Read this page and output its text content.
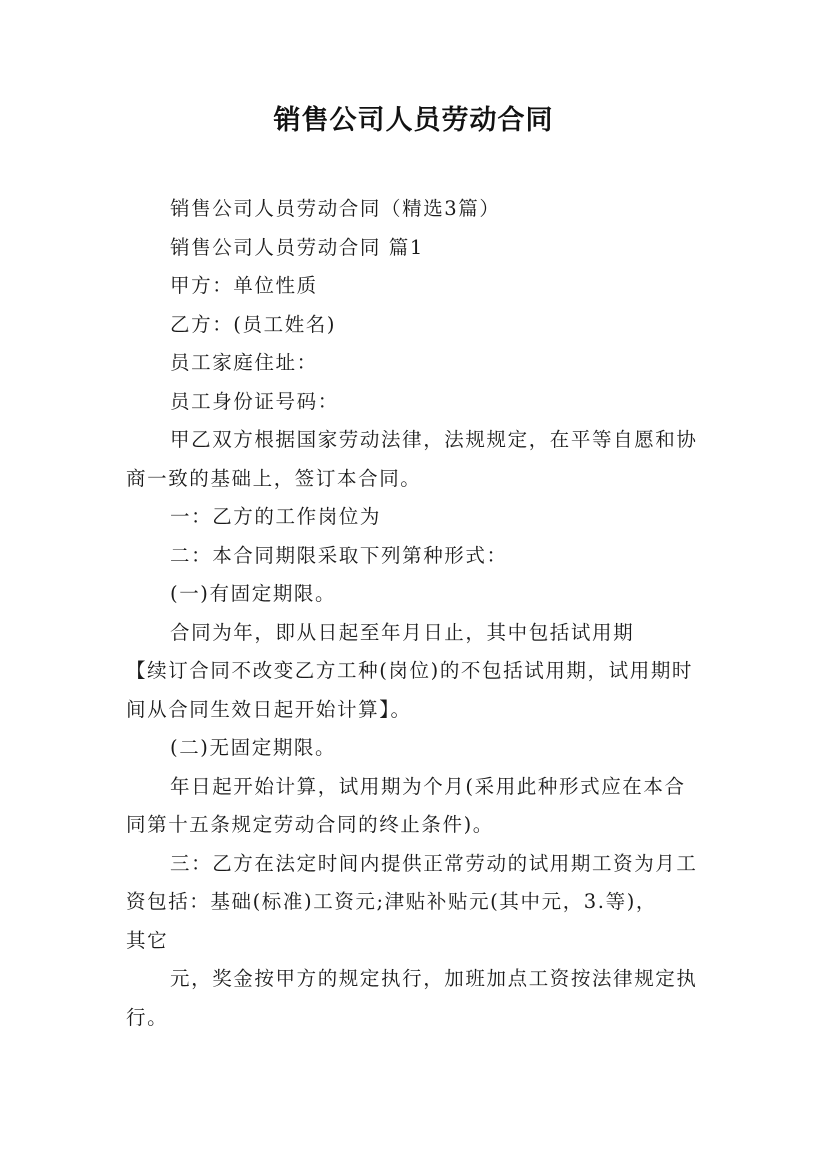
销售公司人员劳动合同

销售公司人员劳动合同（精选3篇）

销售公司人员劳动合同 篇1

甲方：单位性质

乙方：(员工姓名)

员工家庭住址：

员工身份证号码：

甲乙双方根据国家劳动法律，法规规定，在平等自愿和协商一致的基础上，签订本合同。

一：乙方的工作岗位为

二：本合同期限采取下列第种形式：

(一)有固定期限。

合同为年，即从日起至年月日止，其中包括试用期

【续订合同不改变乙方工种(岗位)的不包括试用期，试用期时间从合同生效日起开始计算】。

(二)无固定期限。

年日起开始计算，试用期为个月(采用此种形式应在本合同第十五条规定劳动合同的终止条件)。

三：乙方在法定时间内提供正常劳动的试用期工资为月工资包括：基础(标准)工资元;津贴补贴元(其中元，3.等)，

其它

元，奖金按甲方的规定执行，加班加点工资按法律规定执行。
